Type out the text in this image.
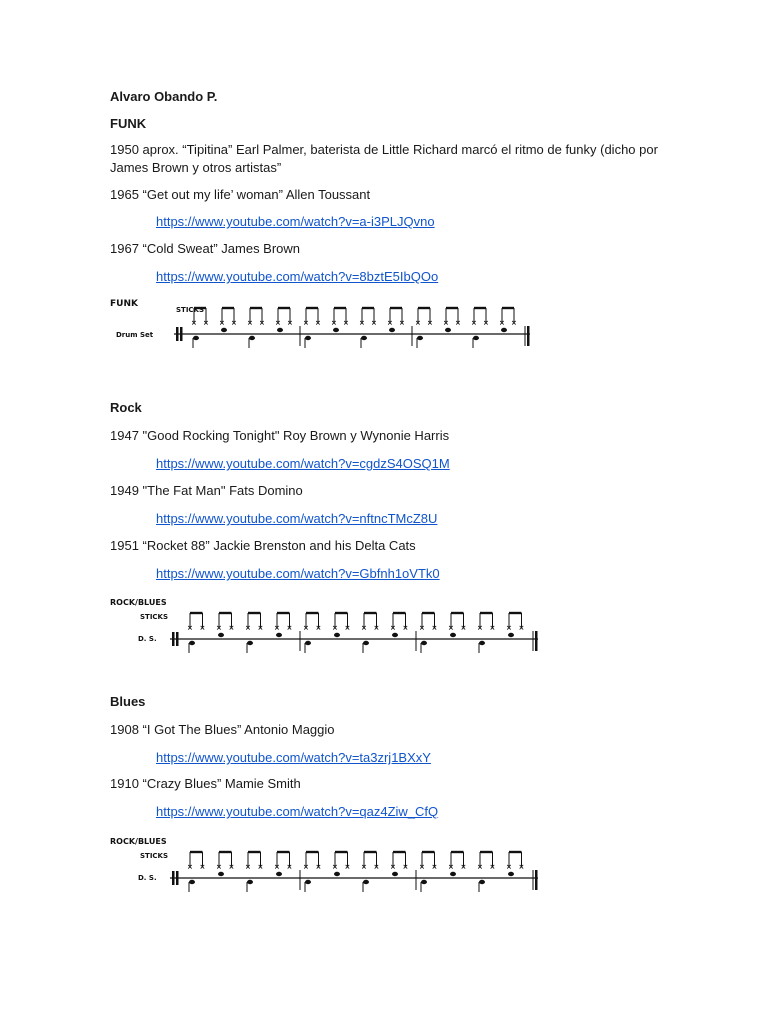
Alvaro Obando P.
FUNK
1950 aprox. “Tipitina” Earl Palmer, baterista de Little Richard marcó el ritmo de funky (dicho por James Brown y otros artistas”
1965 “Get out my life’ woman” Allen Toussant
https://www.youtube.com/watch?v=a-i3PLJQvno
1967 “Cold Sweat” James Brown
https://www.youtube.com/watch?v=8bztE5IbQOo
FUNK
STICKS
Drum Set
× × × × × × × × × × × × × × × × × × × × × × × ×
Rock
1947 "Good Rocking Tonight" Roy Brown y Wynonie Harris
https://www.youtube.com/watch?v=cgdzS4OSQ1M
1949 "The Fat Man" Fats Domino
https://www.youtube.com/watch?v=nftncTMcZ8U
1951 “Rocket 88” Jackie Brenston and his Delta Cats
https://www.youtube.com/watch?v=Gbfnh1oVTk0
ROCK/BLUES
STICKS
D. S.
× × × × × × × × × × × × × × × × × × × × × × × ×
Blues
1908 “I Got The Blues” Antonio Maggio
https://www.youtube.com/watch?v=ta3zrj1BXxY
1910 “Crazy Blues” Mamie Smith
https://www.youtube.com/watch?v=qaz4Ziw_CfQ
ROCK/BLUES
STICKS
D. S.
× × × × × × × × × × × × × × × × × × × × × × × ×
